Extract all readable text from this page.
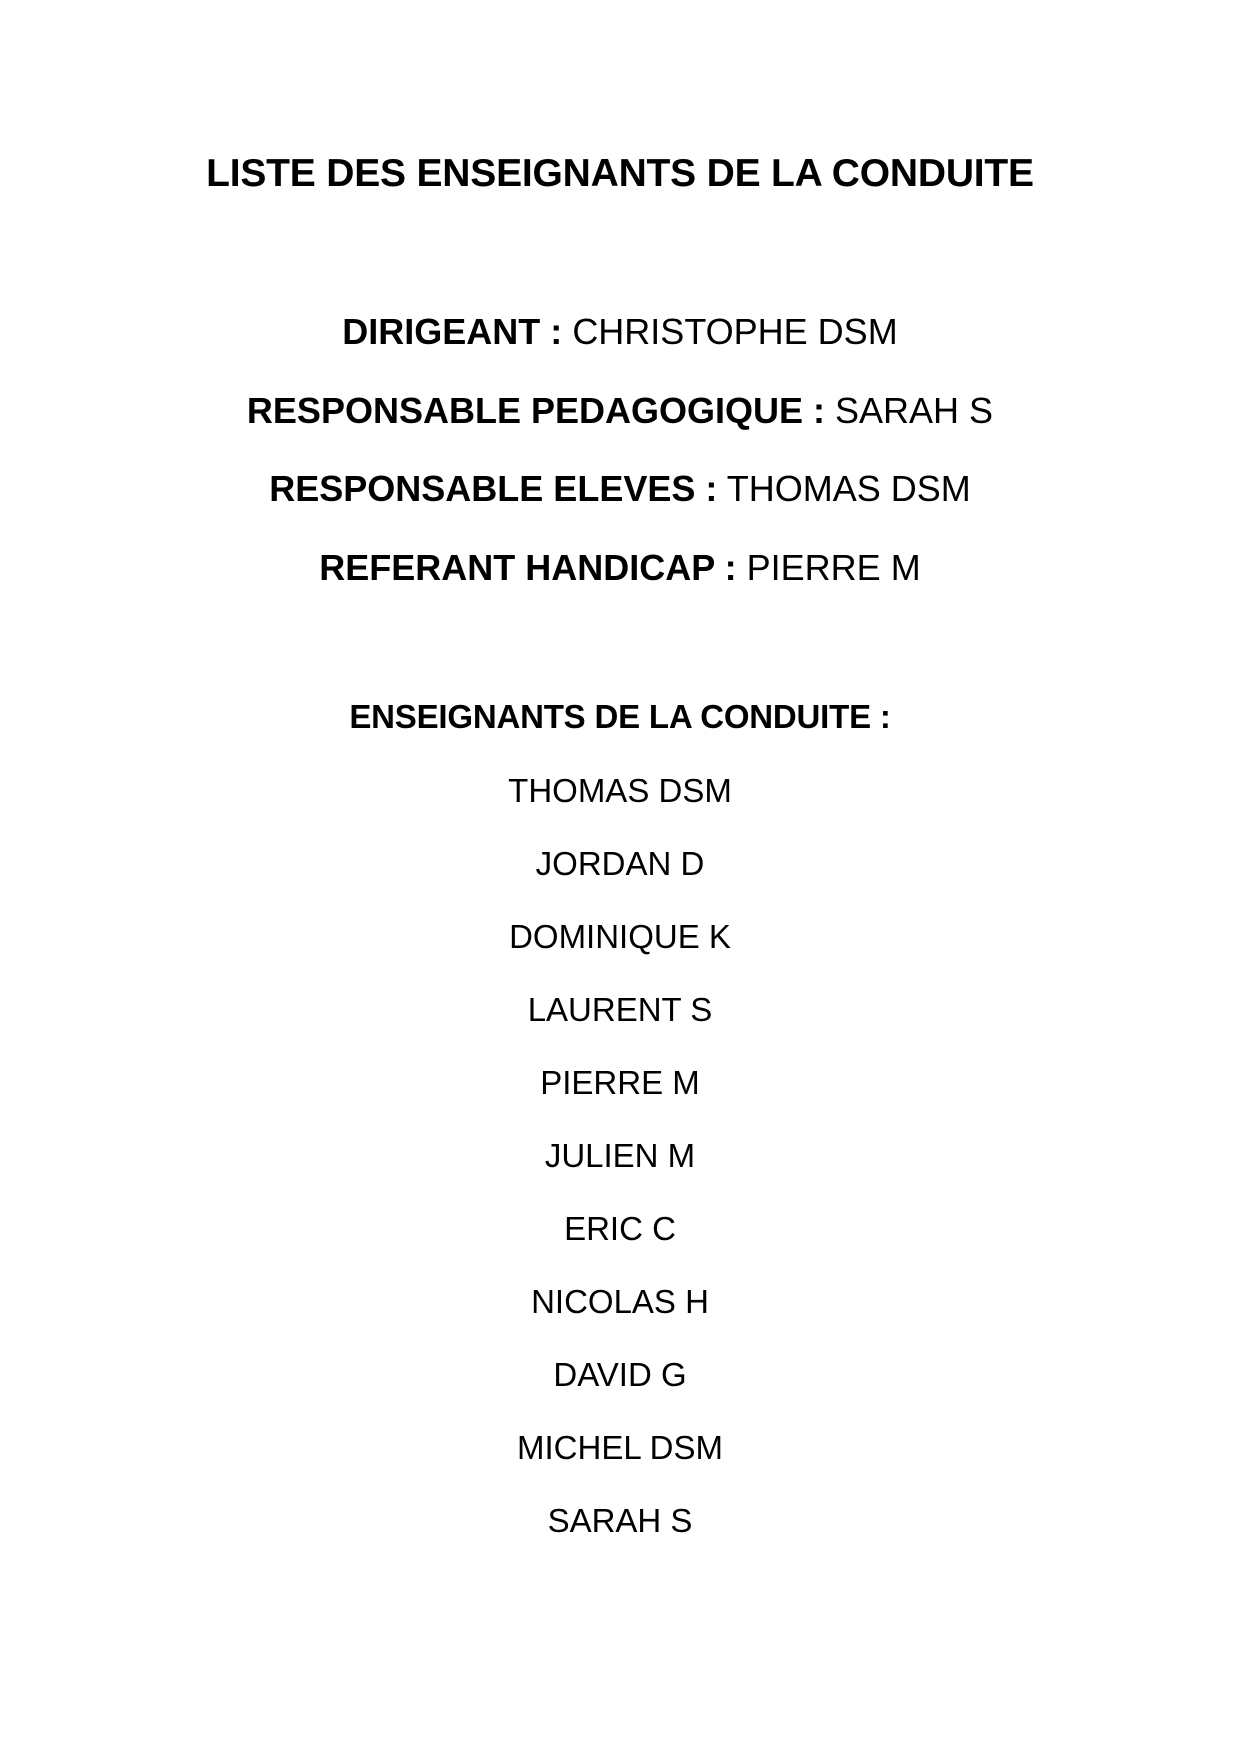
LISTE DES ENSEIGNANTS DE LA CONDUITE
DIRIGEANT : CHRISTOPHE DSM
RESPONSABLE PEDAGOGIQUE : SARAH S
RESPONSABLE ELEVES : THOMAS DSM
REFERANT HANDICAP : PIERRE M
ENSEIGNANTS DE LA CONDUITE :
THOMAS DSM
JORDAN D
DOMINIQUE K
LAURENT S
PIERRE M
JULIEN M
ERIC C
NICOLAS H
DAVID G
MICHEL DSM
SARAH S
